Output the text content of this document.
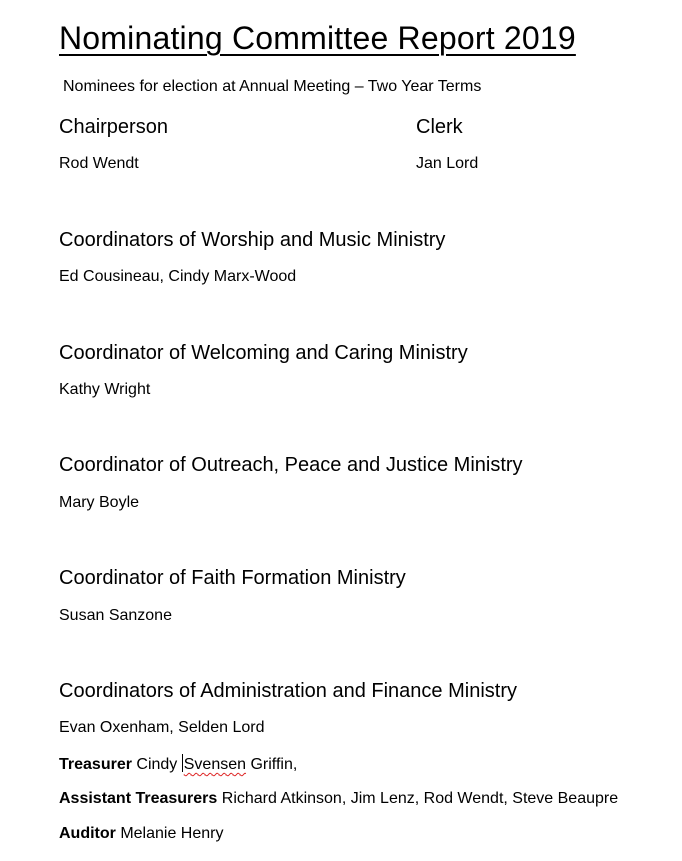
Nominating Committee Report 2019
Nominees for election at Annual Meeting – Two Year Terms
Chairperson
Rod Wendt
Clerk
Jan Lord
Coordinators of Worship and Music Ministry
Ed Cousineau, Cindy Marx-Wood
Coordinator of Welcoming and Caring Ministry
Kathy Wright
Coordinator of Outreach, Peace and Justice Ministry
Mary Boyle
Coordinator of Faith Formation Ministry
Susan Sanzone
Coordinators of Administration and Finance Ministry
Evan Oxenham, Selden Lord
Treasurer Cindy Svensen Griffin,
Assistant Treasurers Richard Atkinson, Jim Lenz, Rod Wendt, Steve Beaupre
Auditor Melanie Henry
